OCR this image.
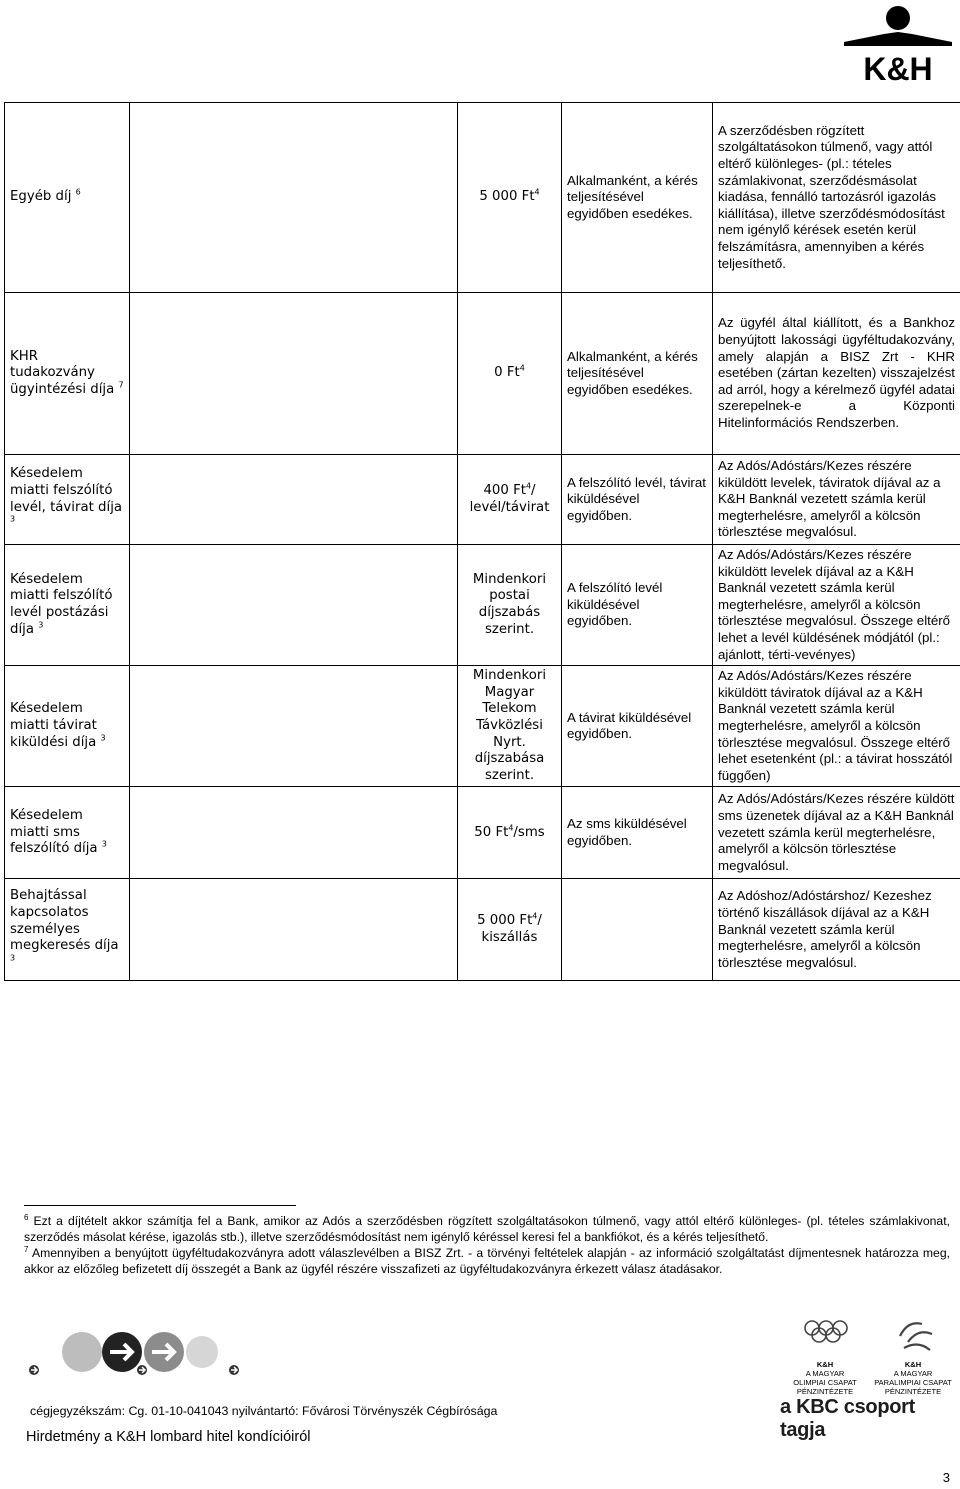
K&H
Egyéb díj $^6$		5 000 Ft$^4$	Alkalmanként, a kérés teljesítésével egyidőben esedékes.	A szerződésben rögzített szolgáltatásokon túlmenő, vagy attól eltérő különleges- (pl.: tételes számlakivonat, szerződésmásolat kiadása, fennálló tartozásról igazolás kiállítása), illetve szerződésmódosítást nem igénylő kérések esetén kerül felszámításra, amennyiben a kérés teljesíthető.
KHR tudakozvány ügyintézési díja $^7$		0 Ft$^4$	Alkalmanként, a kérés teljesítésével egyidőben esedékes.	Az ügyfél által kiállított, és a Bankhoz benyújtott lakossági ügyféltudakozvány, amely alapján a BISZ Zrt - KHR esetében (zártan kezelten) visszajelzést ad arról, hogy a kérelmező ügyfél adatai szerepelnek-e a Központi Hitelinformációs Rendszerben.
Késedelem miatti felszólító levél, távirat díja $^3$		400 Ft$^4$/ levél/távirat	A felszólító levél, távirat kiküldésével egyidőben.	Az Adós/Adóstárs/Kezes részére kiküldött levelek, táviratok díjával az a K&H Banknál vezetett számla kerül megterhelésre, amelyről a kölcsön törlesztése megvalósul.
Késedelem miatti felszólító levél postázási díja $^3$		Mindenkori postai díjszabás szerint.	A felszólító levél kiküldésével egyidőben.	Az Adós/Adóstárs/Kezes részére kiküldött levelek díjával az a K&H Banknál vezetett számla kerül megterhelésre, amelyről a kölcsön törlesztése megvalósul. Összege eltérő lehet a levél küldésének módjától (pl.: ajánlott, térti-vevényes)
Késedelem miatti távirat kiküldési díja $^3$		Mindenkori Magyar Telekom Távközlési Nyrt. díjszabása szerint.	A távirat kiküldésével egyidőben.	Az Adós/Adóstárs/Kezes részére kiküldött táviratok díjával az a K&H Banknál vezetett számla kerül megterhelésre, amelyről a kölcsön törlesztése megvalósul. Összege eltérő lehet esetenként (pl.: a távirat hosszától függően)
Késedelem miatti sms felszólító díja $^3$		50 Ft$^4$/sms	Az sms kiküldésével egyidőben.	Az Adós/Adóstárs/Kezes részére küldött sms üzenetek díjával az a K&H Banknál vezetett számla kerül megterhelésre, amelyről a kölcsön törlesztése megvalósul.
Behajtással kapcsolatos személyes megkeresés díja $^3$		5 000 Ft$^4$/ kiszállás		Az Adóshoz/Adóstárshoz/ Kezeshez történő kiszállások díjával az a K&H Banknál vezetett számla kerül megterhelésre, amelyről a kölcsön törlesztése megvalósul.

$^6$ Ezt a díjtételt akkor számítja fel a Bank, amikor az Adós a szerződésben rögzített szolgáltatásokon túlmenő, vagy attól eltérő különleges- (pl. tételes számlakivonat, szerződés másolat kérése, igazolás stb.), illetve szerződésmódosítást nem igénylő kéréssel keresi fel a bankfiókot, és a kérés teljesíthető.

$^7$ Amennyiben a benyújtott ügyféltudakozványra adott válaszlevélben a BISZ Zrt. - a törvényi feltételek alapján - az információ szolgáltatást díjmentesnek határozza meg, akkor az előzőleg befizetett díj összegét a Bank az ügyfél részére visszafizeti az ügyféltudakozványra érkezett válasz átadásakor.

K&H
A MAGYAR
OLIMPIAI CSAPAT
PÉNZINTÉZETE
K&H
A MAGYAR
PARALIMPIAI CSAPAT
PÉNZINTÉZETE
cégjegyzékszám: Cg. 01-10-041043 nyilvántartó: Fővárosi Törvényszék Cégbírósága	a KBC csoport tagja
Hirdetmény a K&H lombard hitel kondícióiról
3
